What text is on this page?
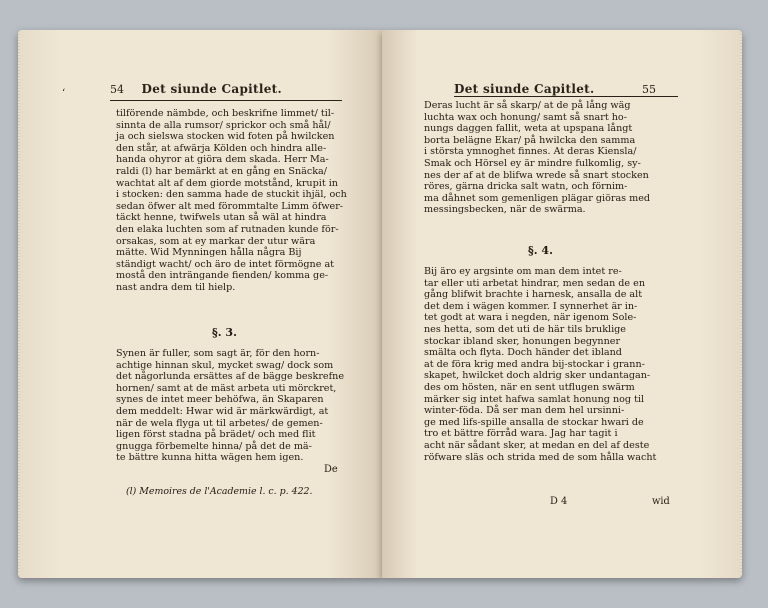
‘	54 Det siunde Capitlet.
tilförende nämbde, och beskrifne limmet/ til-
sinnta de alla rumsor/ sprickor och små hål/
ja och sielswa stocken wid foten på hwilcken
den står, at afwärja Kölden och hindra alle-
handa ohyror at giöra dem skada. Herr Ma-
raldi (l) har bemärkt at en gång en Snäcka/
wachtat alt af dem giorde motstånd, krupit in
i stocken: den samma hade de stuckit ihjäl, och
sedan öfwer alt med förommtalte Limm öfwer-
täckt henne, twifwels utan så wäl at hindra
den elaka luchten som af rutnaden kunde för-
orsakas, som at ey markar der utur wära
mätte. Wid Mynningen hålla några Bij
ständigt wacht/ och äro de intet förmögne at
mostå den inträngande fienden/ komma ge-
nast andra dem til hielp.
§. 3.
Synen är fuller, som sagt är, för den horn-
achtige hinnan skul, mycket swag/ dock som
det någorlunda ersättes af de bägge beskrefne
hornen/ samt at de mäst arbeta uti mörckret,
synes de intet meer behöfwa, än Skaparen
dem meddelt: Hwar wid är märkwärdigt, at
när de wela flyga ut til arbetes/ de gemen-
ligen först stadna på brädet/ och med flit
gnugga förbemelte hinna/ på det de mä-
te bättre kunna hitta wägen hem igen.
De
(l) Memoires de l'Academie l. c. p. 422.
Det siunde Capitlet.	55
Deras lucht är så skarp/ at de på lång wäg
luchta wax och honung/ samt så snart ho-
nungs daggen fallit, weta at upspana långt
borta belägne Ekar/ på hwilcka den samma
i största ymnoghet finnes. At deras Kiensla/
Smak och Hörsel ey är mindre fulkomlig, sy-
nes der af at de blifwa wrede så snart stocken
röres, gärna dricka salt watn, och förnim-
ma dåhnet som gemenligen plägar giöras med
messingsbecken, när de swärma.
§. 4.
Bij äro ey argsinte om man dem intet re-
tar eller uti arbetat hindrar, men sedan de en
gång blifwit brachte i harnesk, ansalla de alt
det dem i wägen kommer. I synnerhet är in-
tet godt at wara i negden, när igenom Sole-
nes hetta, som det uti de här tils bruklige
stockar ibland sker, honungen begynner
smälta och flyta. Doch händer det ibland
at de föra krig med andra bij-stockar i grann-
skapet, hwilcket doch aldrig sker undantagan-
des om hösten, när en sent utflugen swärm
märker sig intet hafwa samlat honung nog til
winter-föda. Då ser man dem hel ursinni-
ge med lifs-spille ansalla de stockar hwari de
tro et bättre förråd wara. Jag har tagit i
acht när sådant sker, at medan en del af deste
röfware släs och strida med de som hålla wacht
D 4	wid
